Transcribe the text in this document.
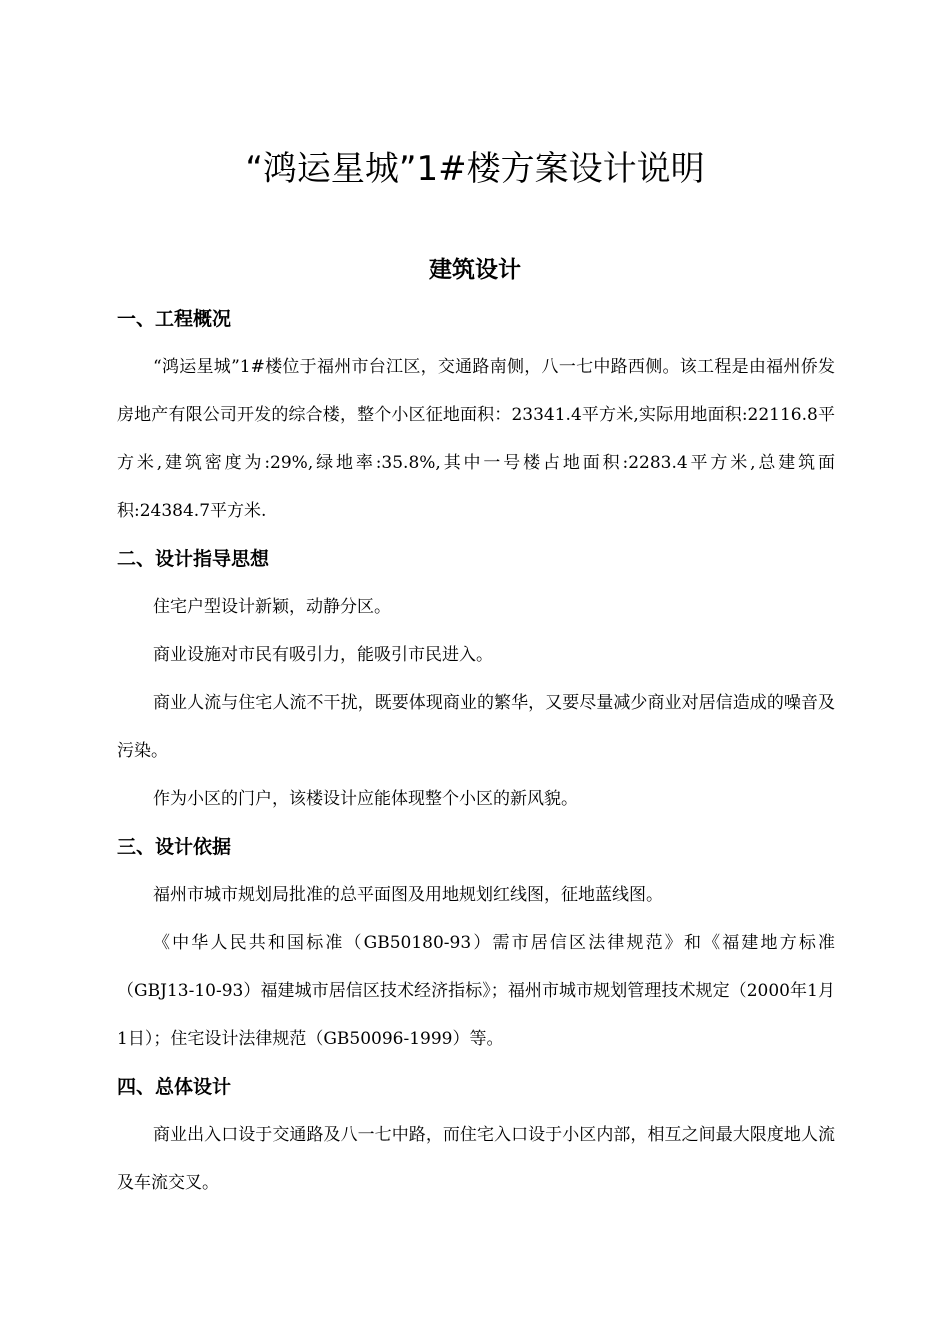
“鸿运星城”1#楼方案设计说明
建筑设计
一、工程概况

“鸿运星城”1#楼位于福州市台江区，交通路南侧，八一七中路西侧。该工程是由福州侨发房地产有限公司开发的综合楼，整个小区征地面积：23341.4平方米,实际用地面积:22116.8平方米,建筑密度为:29%,绿地率:35.8%,其中一号楼占地面积:2283.4平方米,总建筑面积:24384.7平方米.

二、设计指导思想

住宅户型设计新颖，动静分区。

商业设施对市民有吸引力，能吸引市民进入。

商业人流与住宅人流不干扰，既要体现商业的繁华，又要尽量减少商业对居信造成的噪音及污染。

作为小区的门户，该楼设计应能体现整个小区的新风貌。

三、设计依据

福州市城市规划局批准的总平面图及用地规划红线图，征地蓝线图。

《中华人民共和国标准（GB50180-93）需市居信区法律规范》和《福建地方标准（GBJ13-10-93）福建城市居信区技术经济指标》；福州市城市规划管理技术规定（2000年1月1日）；住宅设计法律规范（GB50096-1999）等。

四、总体设计

商业出入口设于交通路及八一七中路，而住宅入口设于小区内部，相互之间最大限度地人流及车流交叉。
